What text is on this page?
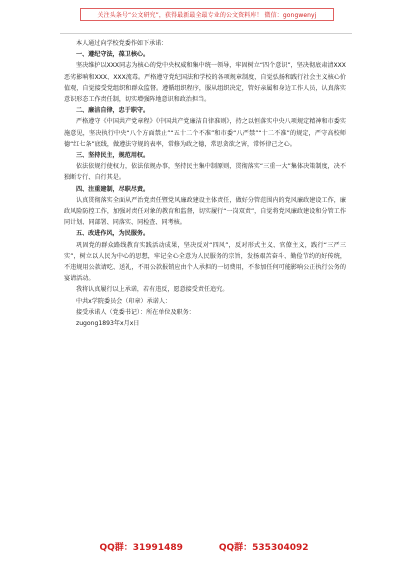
关注头条号“公文研究”，获得最新最全最专业的公文资料库！ 微信：gongwenyj

本人通过向学校党委作如下承诺：

一、遵纪守法，葆卫核心。

坚决维护以XXX同志为核心的党中央权威和集中统一领导，牢固树立“四个意识”，坚决彻底肃清XXX恶劣影响和XXX、XXX流毒。严格遵守党纪国法和学校的各项规章制度，自觉弘扬和践行社会主义核心价值观，自觉接受党组织和群众监督。遵循组织程序，服从组织决定，管好亲属和身边工作人员，认真落实意识形态工作责任制，切实增强阵地意识和政治担当。

二、廉洁自律，忠于职守。

严格遵守《中国共产党章程》《中国共产党廉洁自律准则》，持之以恒落实中央八项规定精神和市委实施意见，坚决执行中央“八个方面禁止”“五十二个不准”和市委“八严禁”“十二不准”的规定，严守高校师德“红七条”底线，做遵法守规的表率，常修为政之德，常思贪欲之害，常怀律己之心。

三、坚持民主，规范用权。

依法依规行使权力，依法依规办事，坚持民主集中制原则，贯彻落实“三重一大”集体决策制度，决不独断专行、自行其是。

四、注重建制，尽职尽责。

认真贯彻落实全面从严治党责任暨党风廉政建设主体责任，做好分管范围内的党风廉政建设工作，廉政风险防控工作，加强对责任对象的教育和监督，切实履行“一岗双责”，自觉将党风廉政建设和分管工作同计划、同部署、同落实、同检查、同考核。

五、改进作风，为民服务。

巩固党的群众路线教育实践活动成果，坚决反对“四风”，反对形式主义、官僚主义，践行“三严三实”，树立以人民为中心的思想，牢记全心全意为人民服务的宗旨，发扬艰苦奋斗、勤俭节约的好传统，不违规用公款请吃、送礼，不用公款报销应由个人承担的一切费用，不参加任何可能影响公正执行公务的宴请活动。

我将认真履行以上承诺，若有违反，愿意接受责任追究。

中共x学院委员会（印章）承诺人：

接受承诺人（党委书记）：所在单位及职务：

zugong1893年x月x日

QQ群：31991489	QQ群：535304092
